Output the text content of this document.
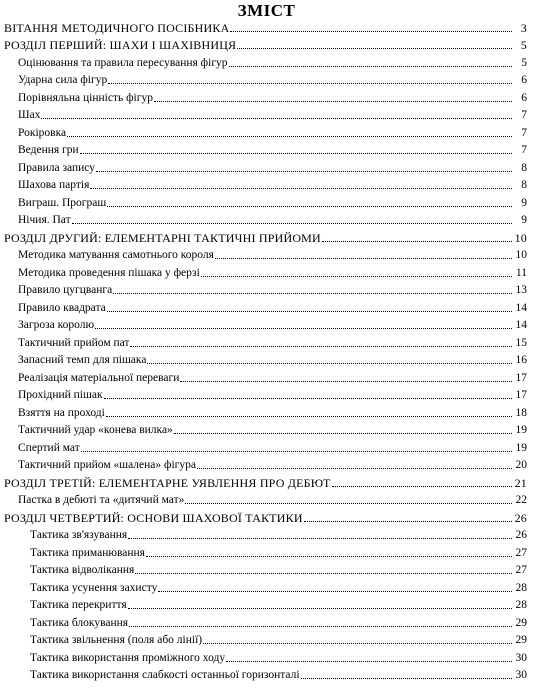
ЗМІСТ
ВІТАННЯ МЕТОДИЧНОГО ПОСІБНИКА	3
РОЗДІЛ ПЕРШИЙ: ШАХИ І ШАХІВНИЦЯ	5
Оцінювання та правила пересування фігур	5
Ударна сила фігур	6
Порівняльна цінність фігур	6
Шах	7
Рокіровка	7
Ведення гри	7
Правила запису	8
Шахова партія	8
Виграш. Програш	9
Нічия. Пат	9
РОЗДІЛ ДРУГИЙ: ЕЛЕМЕНТАРНІ ТАКТИЧНІ ПРИЙОМИ	10
Методика матування самотнього короля	10
Методика проведення пішака у ферзі	11
Правило цугцванга	13
Правило квадрата	14
Загроза королю	14
Тактичний прийом пат	15
Запасний темп для пішака	16
Реалізація матеріальної переваги	17
Прохідний пішак	17
Взяття на проході	18
Тактичний удар «конева вилка»	19
Спертий мат	19
Тактичний прийом «шалена» фігура	20
РОЗДІЛ ТРЕТІЙ: ЕЛЕМЕНТАРНЕ УЯВЛЕННЯ ПРО ДЕБЮТ	21
Пастка в дебюті та «дитячий мат»	22
РОЗДІЛ ЧЕТВЕРТИЙ: ОСНОВИ ШАХОВОЇ ТАКТИКИ	26
Тактика зв'язування	26
Тактика приманювання	27
Тактика відволікання	27
Тактика усунення захисту	28
Тактика перекриття	28
Тактика блокування	29
Тактика звільнення (поля або лінії)	29
Тактика використання проміжного ходу	30
Тактика використання слабкості останньої горизонталі	30
